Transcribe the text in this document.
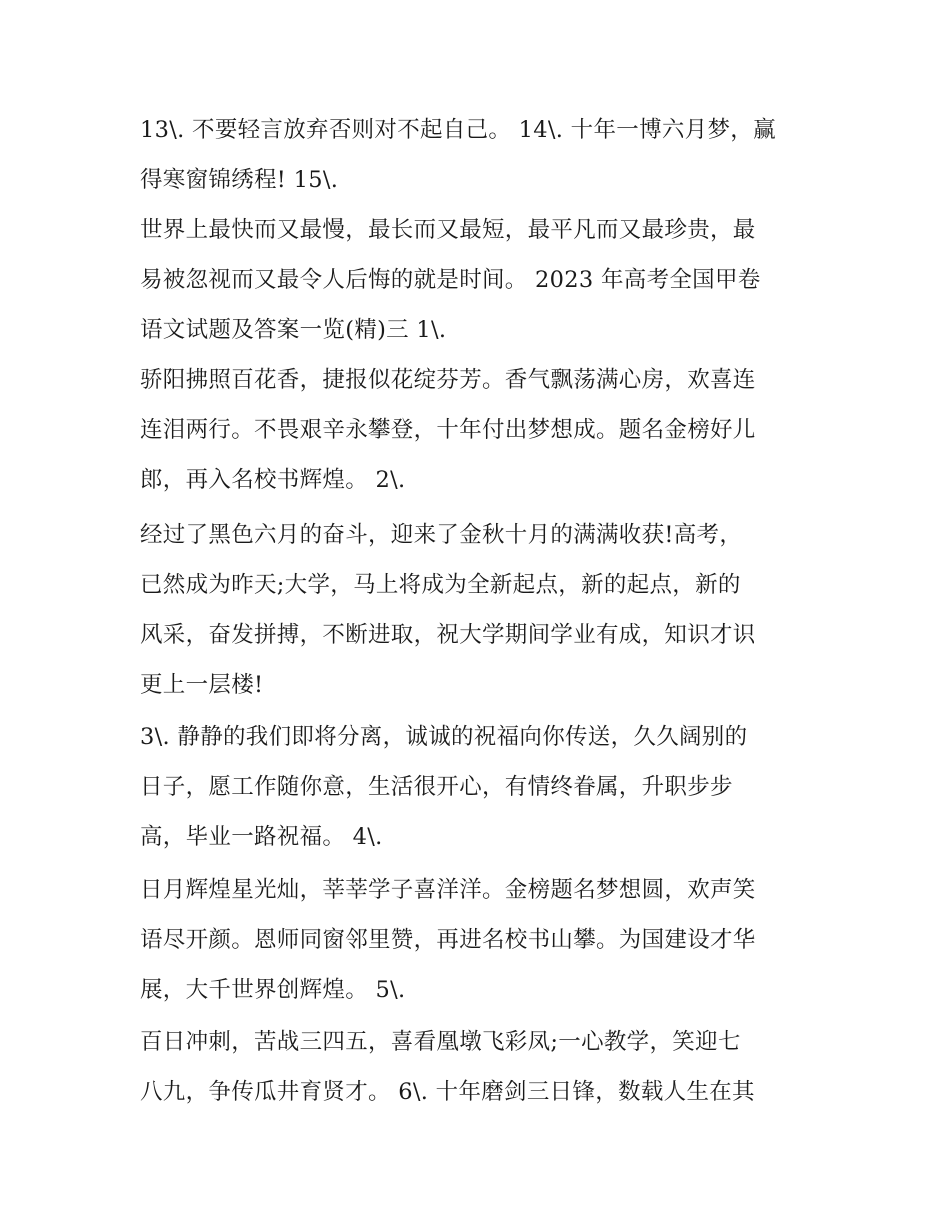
13\. 不要轻言放弃否则对不起自己。 14\. 十年一博六月梦，赢
得寒窗锦绣程! 15\.
世界上最快而又最慢，最长而又最短，最平凡而又最珍贵，最
易被忽视而又最令人后悔的就是时间。 2023 年高考全国甲卷
语文试题及答案一览(精)三 1\.
骄阳拂照百花香，捷报似花绽芬芳。香气飘荡满心房，欢喜连
连泪两行。不畏艰辛永攀登，十年付出梦想成。题名金榜好儿
郎，再入名校书辉煌。 2\.
经过了黑色六月的奋斗，迎来了金秋十月的满满收获!高考，
已然成为昨天;大学，马上将成为全新起点，新的起点，新的
风采，奋发拼搏，不断进取，祝大学期间学业有成，知识才识
更上一层楼!
3\. 静静的我们即将分离，诚诚的祝福向你传送，久久阔别的
日子，愿工作随你意，生活很开心，有情终眷属，升职步步
高，毕业一路祝福。 4\.
日月辉煌星光灿，莘莘学子喜洋洋。金榜题名梦想圆，欢声笑
语尽开颜。恩师同窗邻里赞，再进名校书山攀。为国建设才华
展，大千世界创辉煌。 5\.
百日冲刺，苦战三四五，喜看凰墩飞彩凤;一心教学，笑迎七
八九，争传瓜井育贤才。 6\. 十年磨剑三日锋，数载人生在其
